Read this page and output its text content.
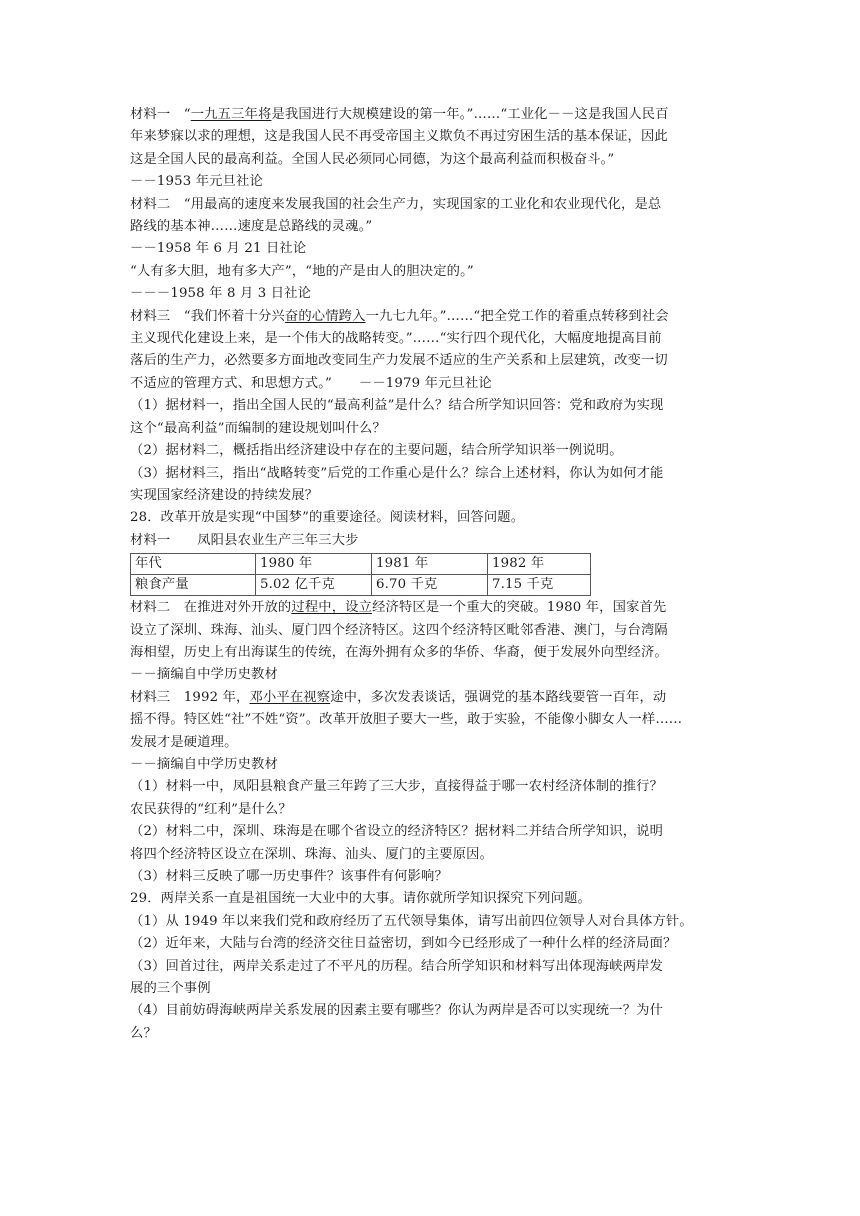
材料一　“一九五三年将是我国进行大规模建设的第一年。”……“工业化－－这是我国人民百

年来梦寐以求的理想，这是我国人民不再受帝国主义欺负不再过穷困生活的基本保证，因此

这是全国人民的最高利益。全国人民必须同心同德，为这个最高利益而积极奋斗。”

－－1953 年元旦社论

材料二　“用最高的速度来发展我国的社会生产力，实现国家的工业化和农业现代化，是总

路线的基本神……速度是总路线的灵魂。”

－－1958 年 6 月 21 日社论

“人有多大胆，地有多大产”，“地的产是由人的胆决定的。”

－－－1958 年 8 月 3 日社论

材料三　“我们怀着十分兴奋的心情跨入一九七九年。”……“把全党工作的着重点转移到社会

主义现代化建设上来，是一个伟大的战略转变。”……“实行四个现代化，大幅度地提高目前

落后的生产力，必然要多方面地改变同生产力发展不适应的生产关系和上层建筑，改变一切

不适应的管理方式、和思想方式。”　　－－1979 年元旦社论

（1）据材料一，指出全国人民的“最高利益”是什么？结合所学知识回答：党和政府为实现

这个“最高利益”而编制的建设规划叫什么？

（2）据材料二，概括指出经济建设中存在的主要问题，结合所学知识举一例说明。

（3）据材料三，指出“战略转变”后党的工作重心是什么？综合上述材料，你认为如何才能

实现国家经济建设的持续发展？

28．改革开放是实现“中国梦”的重要途径。阅读材料，回答问题。

材料一　　凤阳县农业生产三年三大步

年代	1980 年	1981 年	1982 年
粮食产量	5.02 亿千克	6.70 千克	7.15 千克

材料二　在推进对外开放的过程中，设立经济特区是一个重大的突破。1980 年，国家首先

设立了深圳、珠海、汕头、厦门四个经济特区。这四个经济特区毗邻香港、澳门，与台湾隔

海相望，历史上有出海谋生的传统，在海外拥有众多的华侨、华裔，便于发展外向型经济。

－－摘编自中学历史教材

材料三　1992 年，邓小平在视察途中，多次发表谈话，强调党的基本路线要管一百年，动

摇不得。特区姓“社”不姓“资”。改革开放胆子要大一些，敢于实验，不能像小脚女人一样……

发展才是硬道理。

－－摘编自中学历史教材

（1）材料一中，凤阳县粮食产量三年跨了三大步，直接得益于哪一农村经济体制的推行？

农民获得的“红利”是什么？

（2）材料二中，深圳、珠海是在哪个省设立的经济特区？据材料二并结合所学知识，说明

将四个经济特区设立在深圳、珠海、汕头、厦门的主要原因。

（3）材料三反映了哪一历史事件？该事件有何影响？

29．两岸关系一直是祖国统一大业中的大事。请你就所学知识探究下列问题。

（1）从 1949 年以来我们党和政府经历了五代领导集体，请写出前四位领导人对台具体方针。

（2）近年来，大陆与台湾的经济交往日益密切，到如今已经形成了一种什么样的经济局面？

（3）回首过往，两岸关系走过了不平凡的历程。结合所学知识和材料写出体现海峡两岸发

展的三个事例

（4）目前妨碍海峡两岸关系发展的因素主要有哪些？你认为两岸是否可以实现统一？为什

么？
